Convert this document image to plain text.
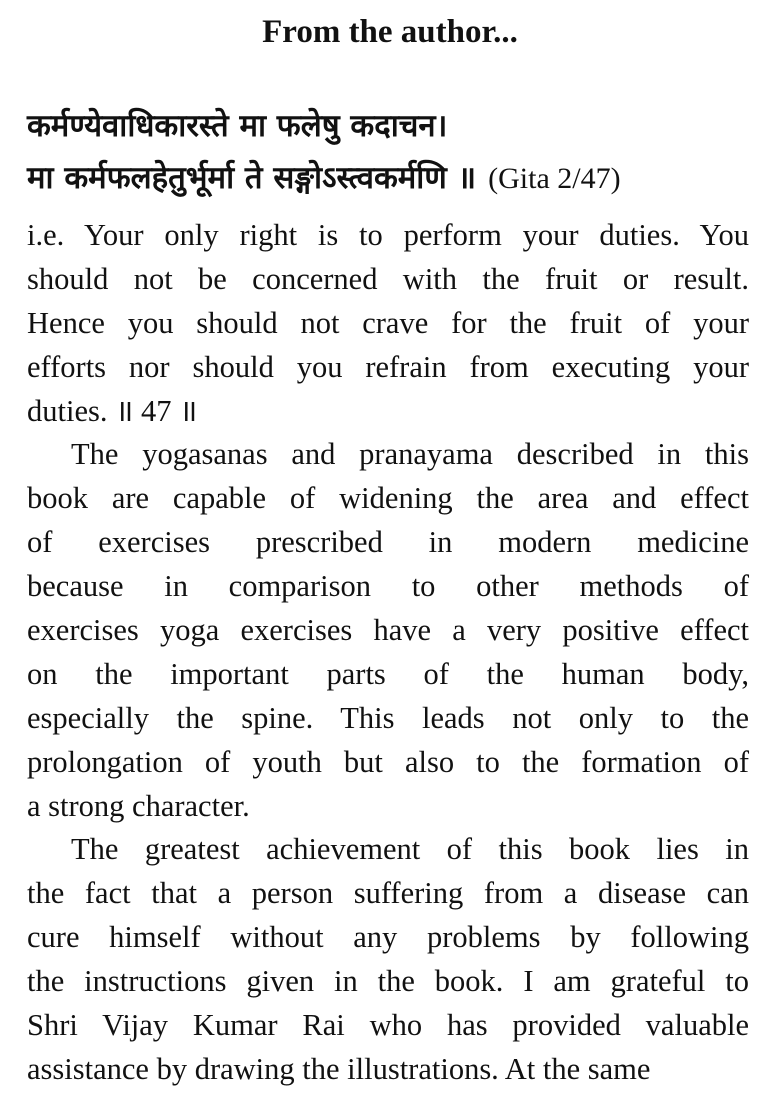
From the author...
कर्मण्येवाधिकारस्ते मा फलेषु कदाचन।
मा कर्मफलहेतुर्भूर्मा ते सङ्गोऽस्त्वकर्मणि ॥ (Gita 2/47)
i.e. Your only right is to perform your duties. You
should not be concerned with the fruit or result.
Hence you should not crave for the fruit of your
efforts nor should you refrain from executing your
duties. ॥ 47 ॥
The yogasanas and pranayama described in this
book are capable of widening the area and effect
of exercises prescribed in modern medicine
because in comparison to other methods of
exercises yoga exercises have a very positive effect
on the important parts of the human body,
especially the spine. This leads not only to the
prolongation of youth but also to the formation of
a strong character.
The greatest achievement of this book lies in
the fact that a person suffering from a disease can
cure himself without any problems by following
the instructions given in the book. I am grateful to
Shri Vijay Kumar Rai who has provided valuable
assistance by drawing the illustrations. At the same
